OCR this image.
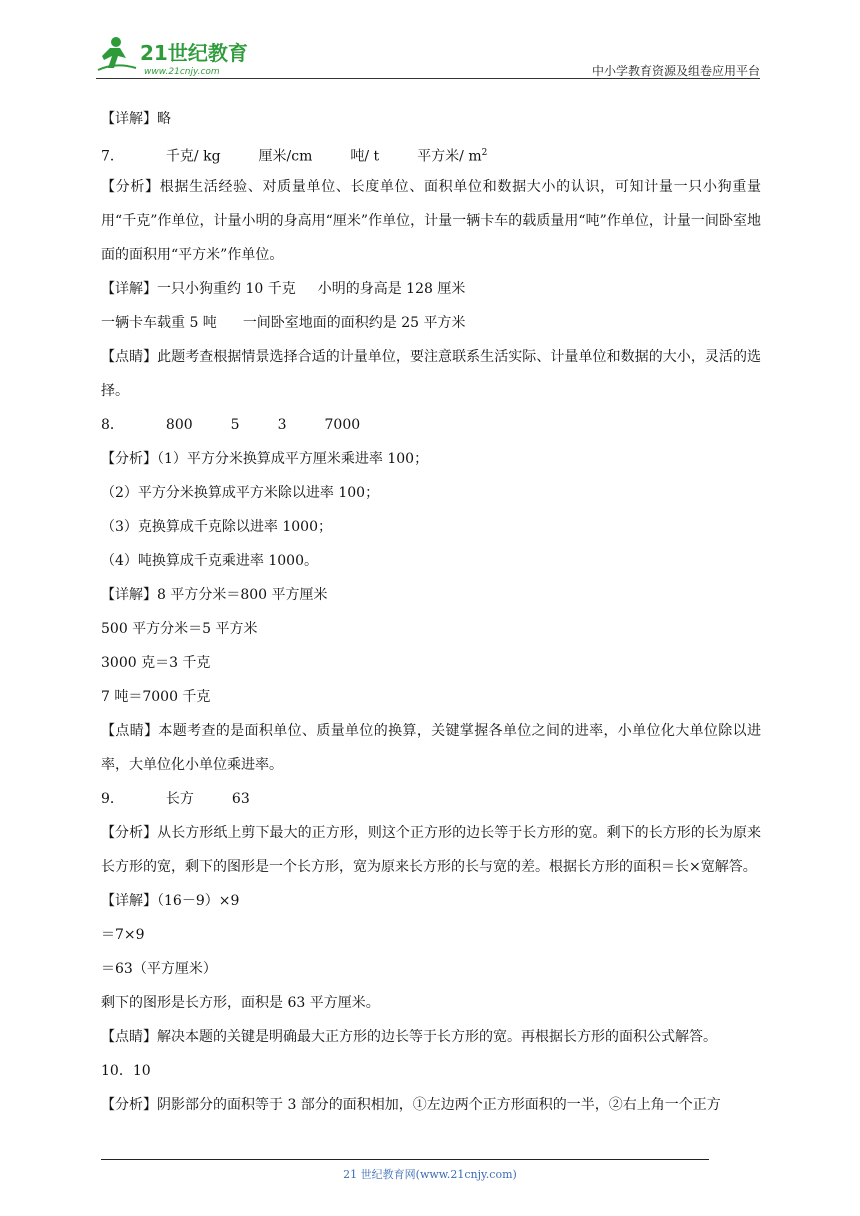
21世纪教育
www.21cnjy.com	中小学教育资源及组卷应用平台
【详解】略
7．	千克/ kg	厘米/cm	吨/ t	平方米/ $m^2$
【分析】根据生活经验、对质量单位、长度单位、面积单位和数据大小的认识，可知计量一只小狗重量用“千克”作单位，计量小明的身高用“厘米”作单位，计量一辆卡车的载质量用“吨”作单位，计量一间卧室地面的面积用“平方米”作单位。
【详解】一只小狗重约 10 千克 小明的身高是 128 厘米
一辆卡车载重 5 吨 一间卧室地面的面积约是 25 平方米
【点睛】此题考查根据情景选择合适的计量单位，要注意联系生活实际、计量单位和数据的大小，灵活的选择。
8．	800	5	3	7000
【分析】（1）平方分米换算成平方厘米乘进率 100；
（2）平方分米换算成平方米除以进率 100；
（3）克换算成千克除以进率 1000；
（4）吨换算成千克乘进率 1000。
【详解】8 平方分米＝800 平方厘米
500 平方分米＝5 平方米
3000 克＝3 千克
7 吨＝7000 千克
【点睛】本题考查的是面积单位、质量单位的换算，关键掌握各单位之间的进率，小单位化大单位除以进率，大单位化小单位乘进率。
9．	长方	63
【分析】从长方形纸上剪下最大的正方形，则这个正方形的边长等于长方形的宽。剩下的长方形的长为原来长方形的宽，剩下的图形是一个长方形，宽为原来长方形的长与宽的差。根据长方形的面积＝长×宽解答。
【详解】（16－9）×9
＝7×9
＝63（平方厘米）
剩下的图形是长方形，面积是 63 平方厘米。
【点睛】解决本题的关键是明确最大正方形的边长等于长方形的宽。再根据长方形的面积公式解答。
10．10
【分析】阴影部分的面积等于 3 部分的面积相加，①左边两个正方形面积的一半，②右上角一个正方
21 世纪教育网(www.21cnjy.com)
